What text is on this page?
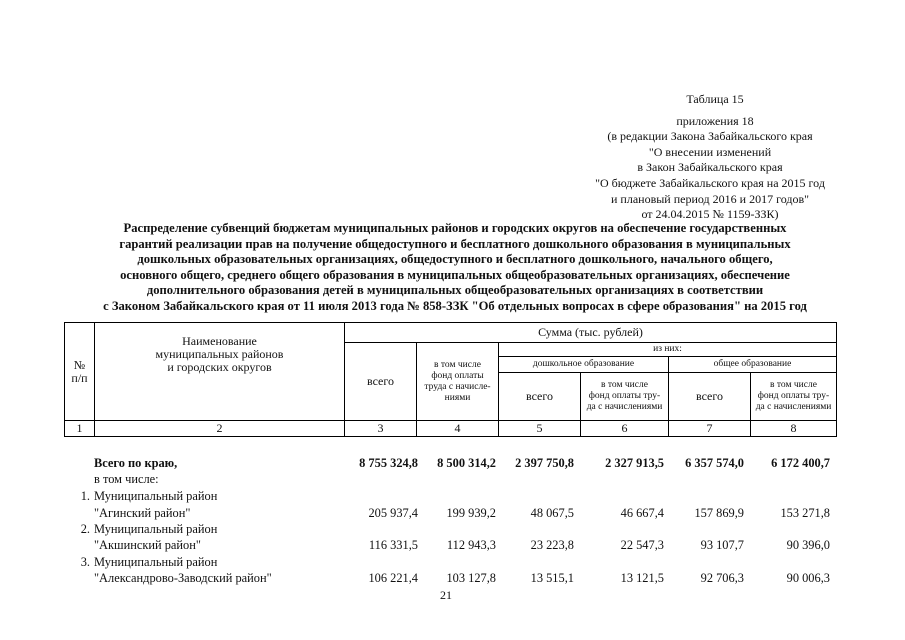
Таблица 15
приложения 18
(в редакции Закона Забайкальского края
"О внесении изменений
в Закон Забайкальского края
"О бюджете Забайкальского края на 2015 год
и плановый период 2016 и 2017 годов"
от 24.04.2015 № 1159-ЗЗК)
Распределение субвенций бюджетам муниципальных районов и городских округов на обеспечение государственных
гарантий реализации прав на получение общедоступного и бесплатного дошкольного образования в муниципальных
дошкольных образовательных организациях, общедоступного и бесплатного дошкольного, начального общего,
основного общего, среднего общего образования в муниципальных общеобразовательных организациях, обеспечение
дополнительного образования детей в муниципальных общеобразовательных организациях в соответствии
с Законом Забайкальского края от 11 июля 2013 года № 858-ЗЗК "Об отдельных вопросах в сфере образования" на 2015 год
№
п/п	Наименование
муниципальных районов
и городских округов	Сумма (тыс. рублей)					
		всего	в том числе
фонд оплаты
труда с начисле-
ниями	из них:			
				дошкольное образование		общее образование	
				всего	в том числе
фонд оплаты тру-
да с начислениями	всего	в том числе
фонд оплаты тру-
да с начислениями
1	2	3	4	5	6	7	8
Всего по краю,	8 755 324,8	8 500 314,2	2 397 750,8	2 327 913,5	6 357 574,0	6 172 400,7
в том числе:
1. Муниципальный район
"Агинский район"	205 937,4	199 939,2	48 067,5	46 667,4	157 869,9	153 271,8
2. Муниципальный район
"Акшинский район"	116 331,5	112 943,3	23 223,8	22 547,3	93 107,7	90 396,0
3. Муниципальный район
"Александрово-Заводский район"	106 221,4	103 127,8	13 515,1	13 121,5	92 706,3	90 006,3
21
